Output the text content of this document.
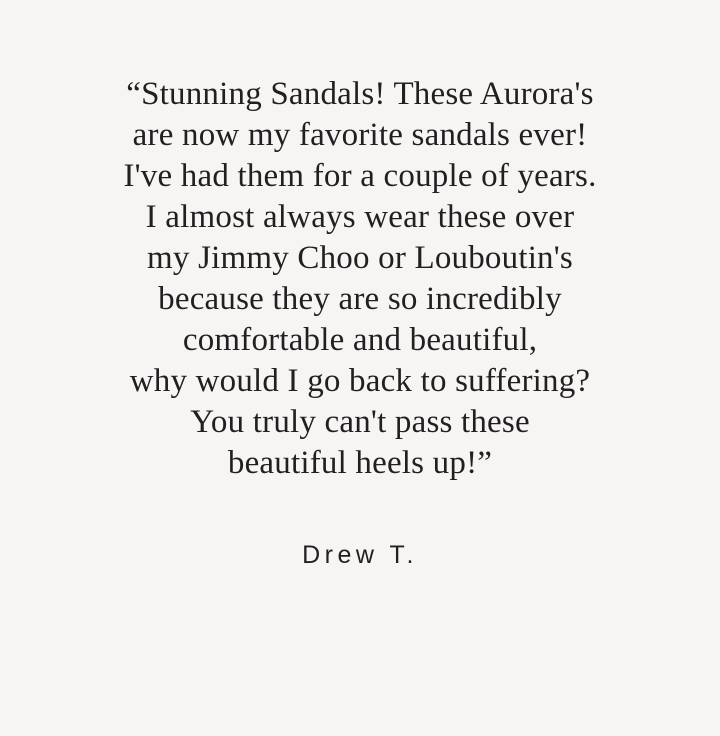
“Stunning Sandals! These Aurora's
are now my favorite sandals ever!
I've had them for a couple of years.
I almost always wear these over
my Jimmy Choo or Louboutin's
because they are so incredibly
comfortable and beautiful,
why would I go back to suffering?
You truly can't pass these
beautiful heels up!”
Drew T.
